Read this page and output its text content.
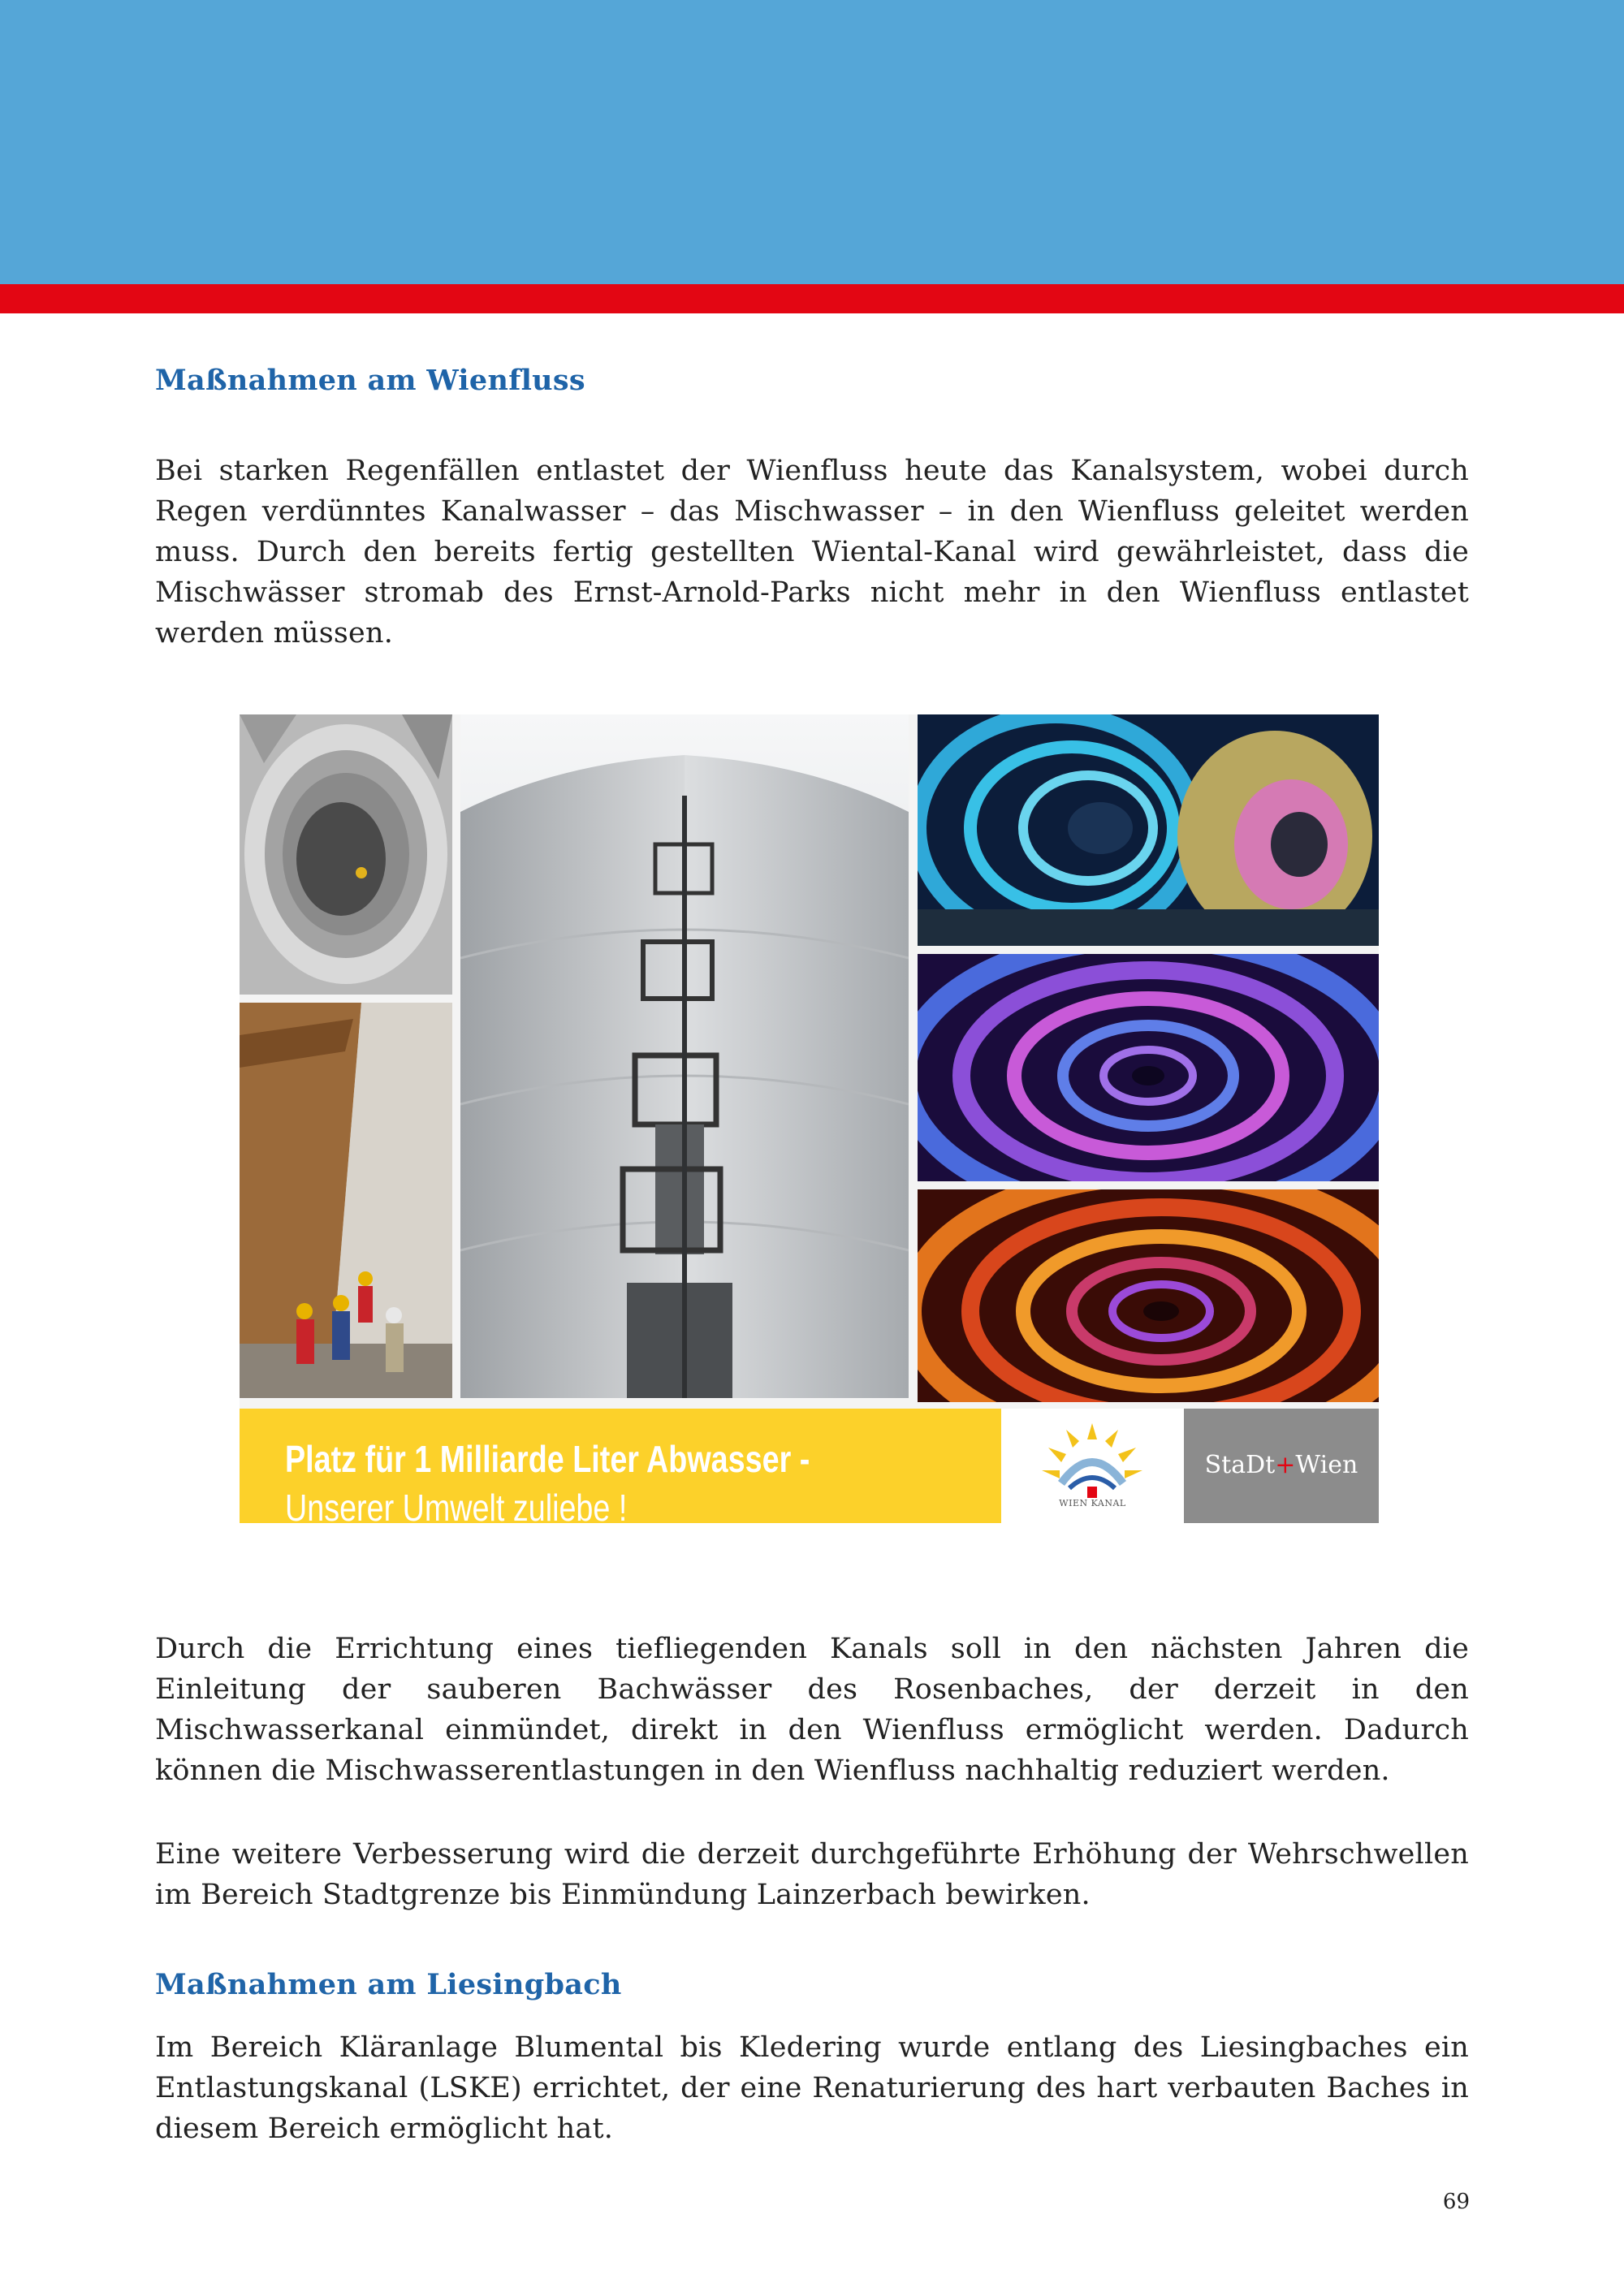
Maßnahmen am Wienfluss

Bei starken Regenfällen entlastet der Wienfluss heute das Kanalsystem, wobei durch Regen verdünntes Kanalwasser – das Mischwasser – in den Wienfluss geleitet werden muss. Durch den bereits fertig gestellten Wiental-Kanal wird gewährleistet, dass die Mischwässer stromab des Ernst-Arnold-Parks nicht mehr in den Wienfluss entlastet werden müssen.

Platz für 1 Milliarde Liter Abwasser -
Unserer Umwelt zuliebe !	WIEN KANAL
StaDt+Wien

Durch die Errichtung eines tiefliegenden Kanals soll in den nächsten Jahren die Einleitung der sauberen Bachwässer des Rosenbaches, der derzeit in den Mischwasserkanal einmündet, direkt in den Wienfluss ermöglicht werden. Dadurch können die Mischwasserentlastungen in den Wienfluss nachhaltig reduziert werden.

Eine weitere Verbesserung wird die derzeit durchgeführte Erhöhung der Wehrschwellen im Bereich Stadtgrenze bis Einmündung Lainzerbach bewirken.

Maßnahmen am Liesingbach

Im Bereich Kläranlage Blumental bis Kledering wurde entlang des Liesingbaches ein Entlastungskanal (LSKE) errichtet, der eine Renaturierung des hart verbauten Baches in diesem Bereich ermöglicht hat.

69
